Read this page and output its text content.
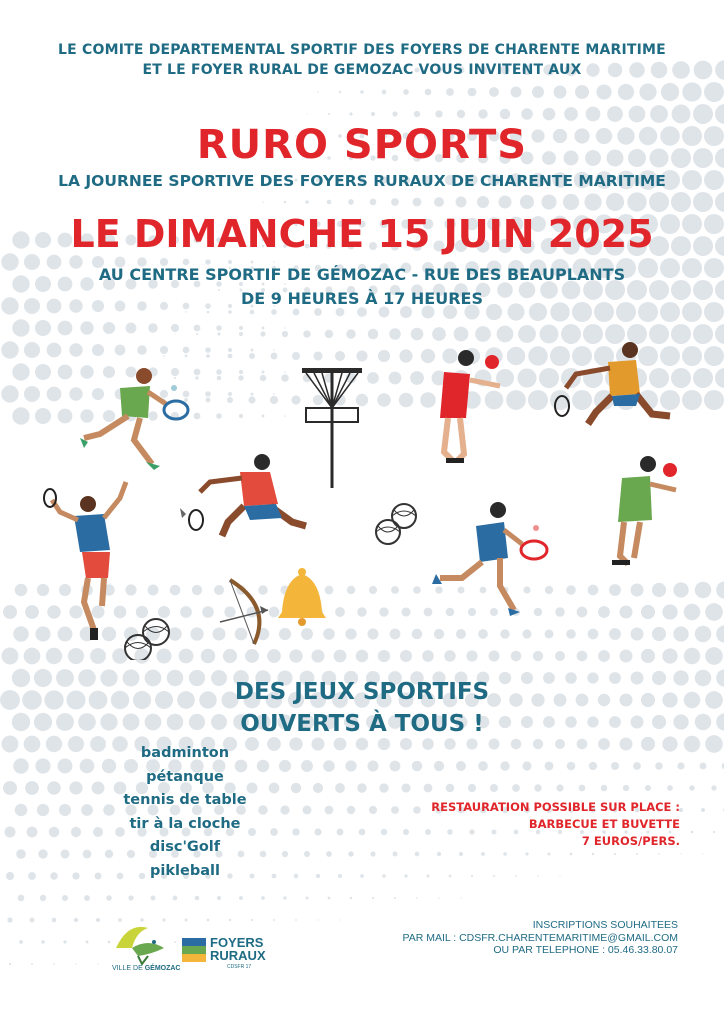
LE COMITE DEPARTEMENTAL SPORTIF DES FOYERS DE CHARENTE MARITIME
ET LE FOYER RURAL DE GEMOZAC VOUS INVITENT AUX
RURO SPORTS
LA JOURNEE SPORTIVE DES FOYERS RURAUX DE CHARENTE MARITIME
LE DIMANCHE 15 JUIN 2025
AU CENTRE SPORTIF DE GÉMOZAC - RUE DES BEAUPLANTS
DE 9 HEURES À 17 HEURES
DES JEUX SPORTIFS
OUVERTS À TOUS !
badminton
pétanque
tennis de table
tir à la cloche
disc'Golf
pikleball
RESTAURATION POSSIBLE SUR PLACE :
BARBECUE ET BUVETTE
7 EUROS/PERS.
INSCRIPTIONS SOUHAITEES
PAR MAIL : CDSFR.CHARENTEMARITIME@GMAIL.COM
OU PAR TELEPHONE : 05.46.33.80.07
VILLE DE GÉMOZAC
FOYERS
RURAUX
CDSFR 17
